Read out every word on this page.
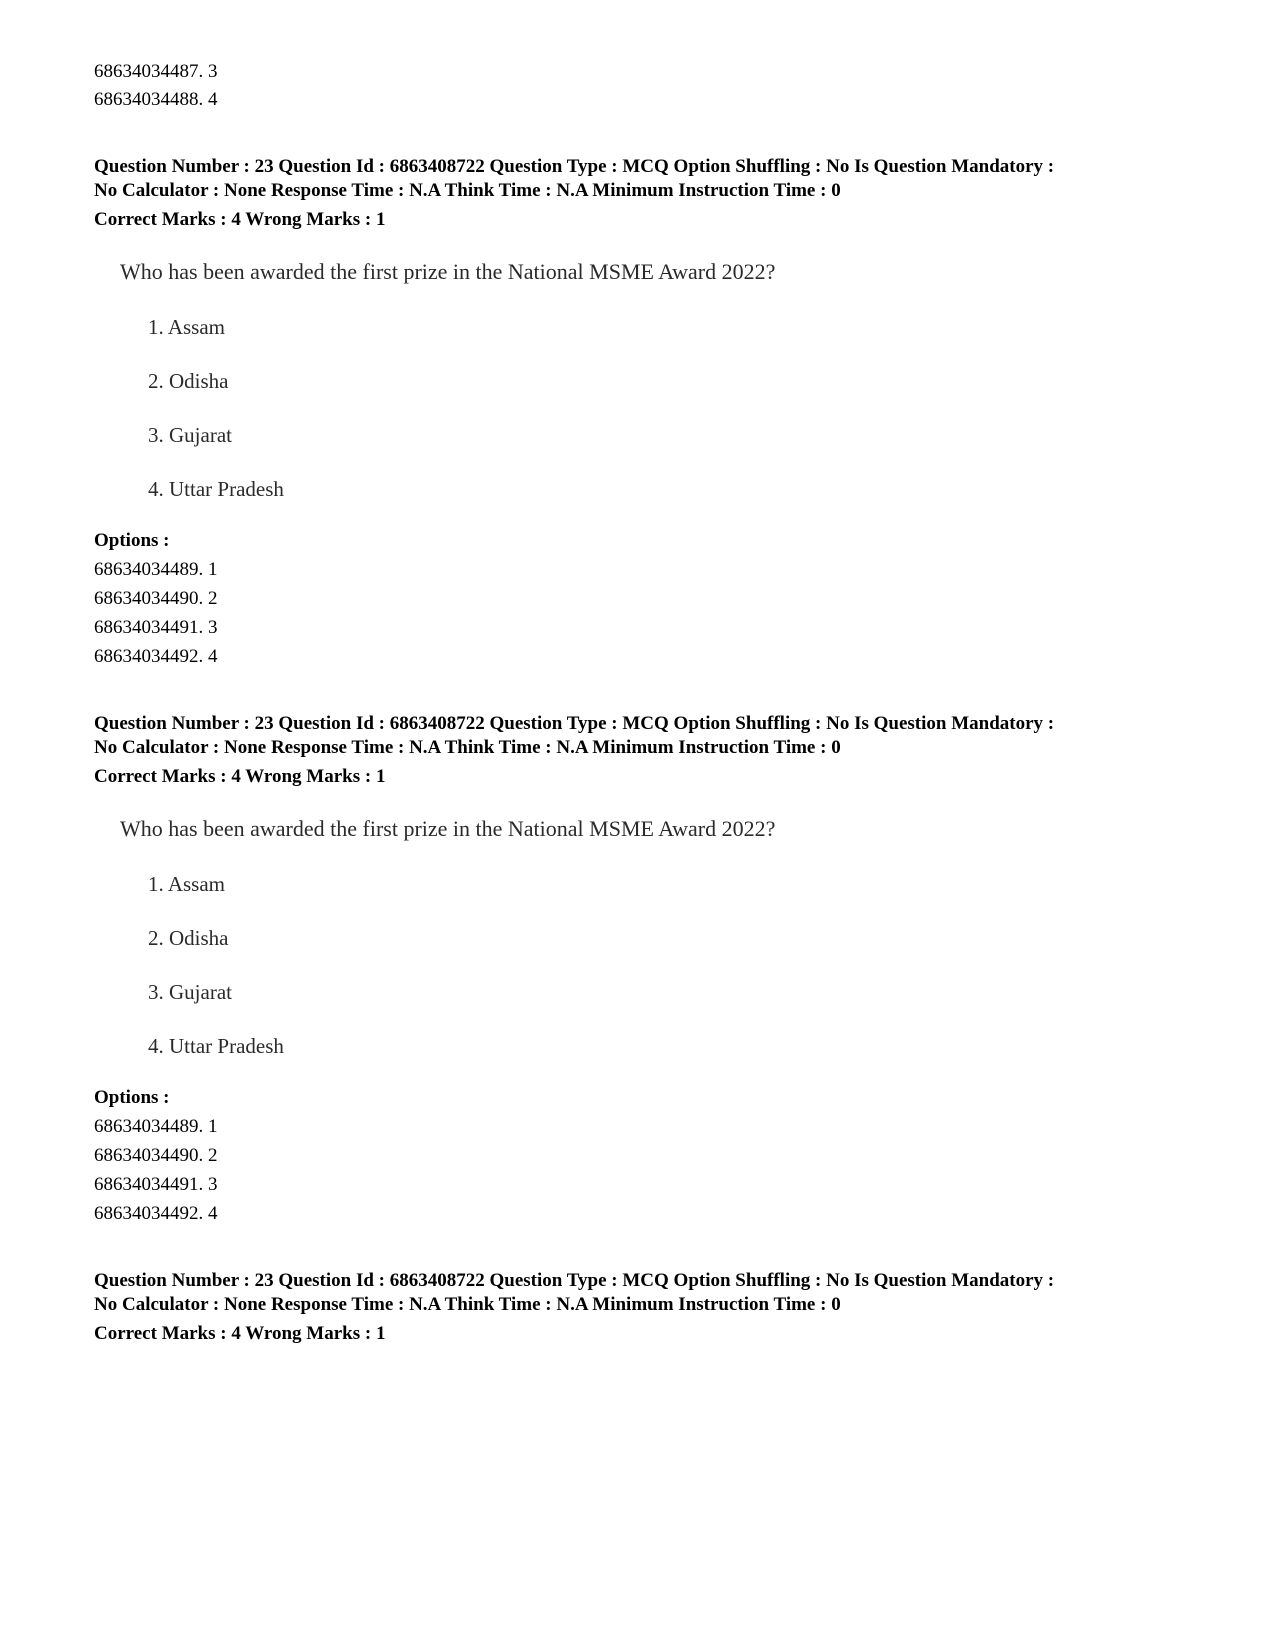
68634034487. 3
68634034488. 4
Question Number : 23 Question Id : 6863408722 Question Type : MCQ Option Shuffling : No Is Question Mandatory :
No Calculator : None Response Time : N.A Think Time : N.A Minimum Instruction Time : 0
Correct Marks : 4 Wrong Marks : 1
Who has been awarded the first prize in the National MSME Award 2022?
1. Assam
2. Odisha
3. Gujarat
4. Uttar Pradesh
Options :
68634034489. 1
68634034490. 2
68634034491. 3
68634034492. 4
Question Number : 23 Question Id : 6863408722 Question Type : MCQ Option Shuffling : No Is Question Mandatory :
No Calculator : None Response Time : N.A Think Time : N.A Minimum Instruction Time : 0
Correct Marks : 4 Wrong Marks : 1
Who has been awarded the first prize in the National MSME Award 2022?
1. Assam
2. Odisha
3. Gujarat
4. Uttar Pradesh
Options :
68634034489. 1
68634034490. 2
68634034491. 3
68634034492. 4
Question Number : 23 Question Id : 6863408722 Question Type : MCQ Option Shuffling : No Is Question Mandatory :
No Calculator : None Response Time : N.A Think Time : N.A Minimum Instruction Time : 0
Correct Marks : 4 Wrong Marks : 1
